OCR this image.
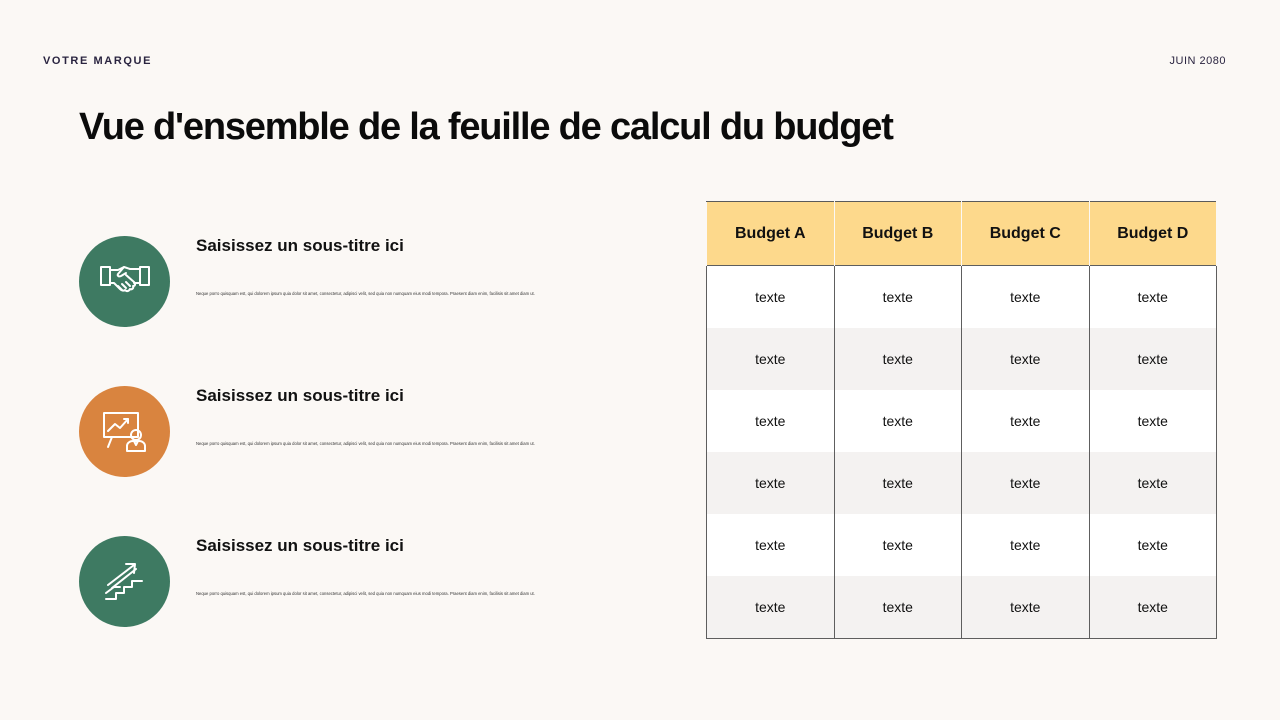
VOTRE MARQUE	JUIN 2080
Vue d'ensemble de la feuille de calcul du budget
Saisissez un sous-titre ici
Neque porro quisquam est, qui dolorem ipsum quia dolor sit amet, consectetur, adipisci velit, sed quia non numquam eius modi tempora. Praesent diam enim, facilisis sit amet diam ut.
Saisissez un sous-titre ici
Neque porro quisquam est, qui dolorem ipsum quia dolor sit amet, consectetur, adipisci velit, sed quia non numquam eius modi tempora. Praesent diam enim, facilisis sit amet diam ut.
Saisissez un sous-titre ici
Neque porro quisquam est, qui dolorem ipsum quia dolor sit amet, consectetur, adipisci velit, sed quia non numquam eius modi tempora. Praesent diam enim, facilisis sit amet diam ut.
Budget A	Budget B	Budget C	Budget D
texte	texte	texte	texte
texte	texte	texte	texte
texte	texte	texte	texte
texte	texte	texte	texte
texte	texte	texte	texte
texte	texte	texte	texte
